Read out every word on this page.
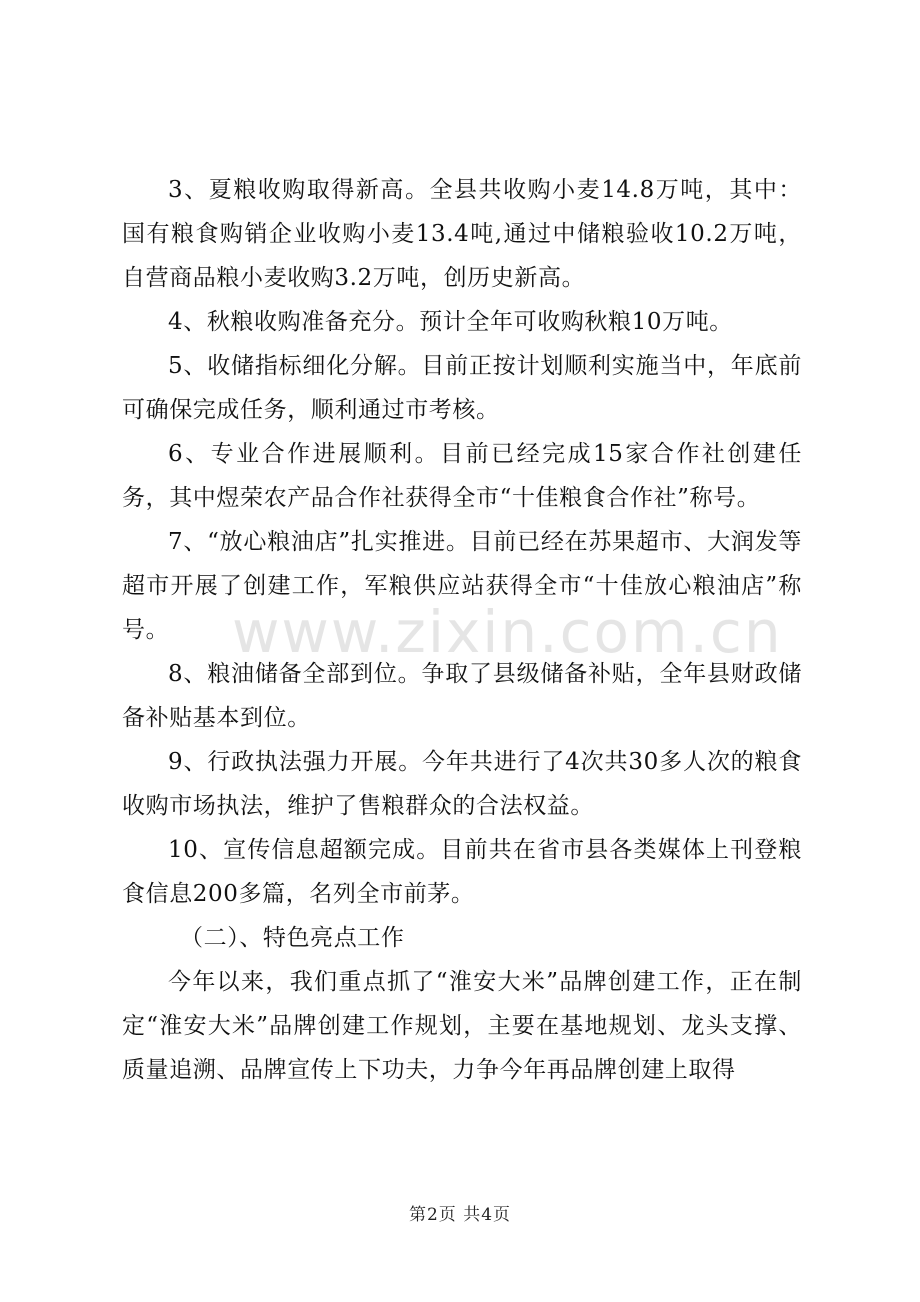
3、夏粮收购取得新高。全县共收购小麦14.8万吨，其中：国有粮食购销企业收购小麦13.4吨,通过中储粮验收10.2万吨，自营商品粮小麦收购3.2万吨，创历史新高。

4、秋粮收购准备充分。预计全年可收购秋粮10万吨。

5、收储指标细化分解。目前正按计划顺利实施当中，年底前可确保完成任务，顺利通过市考核。

6、专业合作进展顺利。目前已经完成15家合作社创建任务，其中煜荣农产品合作社获得全市“十佳粮食合作社”称号。

7、“放心粮油店”扎实推进。目前已经在苏果超市、大润发等超市开展了创建工作，军粮供应站获得全市“十佳放心粮油店”称号。

8、粮油储备全部到位。争取了县级储备补贴，全年县财政储备补贴基本到位。

9、行政执法强力开展。今年共进行了4次共30多人次的粮食收购市场执法，维护了售粮群众的合法权益。

10、宣传信息超额完成。目前共在省市县各类媒体上刊登粮食信息200多篇，名列全市前茅。

（二）、特色亮点工作

今年以来，我们重点抓了“淮安大米”品牌创建工作，正在制定“淮安大米”品牌创建工作规划，主要在基地规划、龙头支撑、质量追溯、品牌宣传上下功夫，力争今年再品牌创建上取得

www.zixin.com.cn
第2页 共4页
